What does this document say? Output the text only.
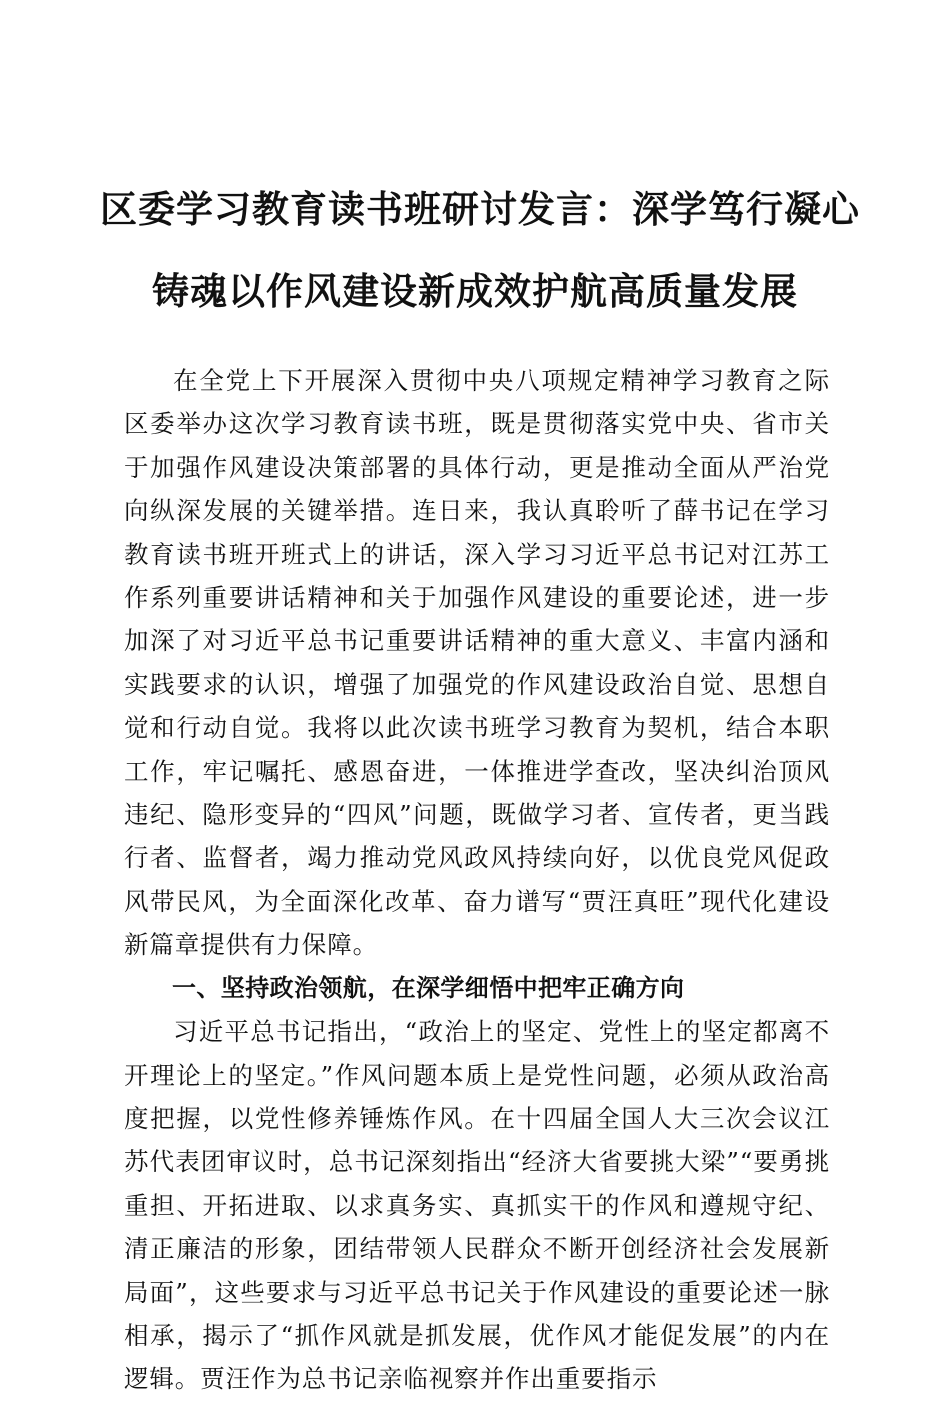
区委学习教育读书班研讨发言：深学笃行凝心
铸魂以作风建设新成效护航高质量发展

在全党上下开展深入贯彻中央八项规定精神学习教育之际区委举办这次学习教育读书班，既是贯彻落实党中央、省市关于加强作风建设决策部署的具体行动，更是推动全面从严治党向纵深发展的关键举措。连日来，我认真聆听了薛书记在学习教育读书班开班式上的讲话，深入学习习近平总书记对江苏工作系列重要讲话精神和关于加强作风建设的重要论述，进一步加深了对习近平总书记重要讲话精神的重大意义、丰富内涵和实践要求的认识，增强了加强党的作风建设政治自觉、思想自觉和行动自觉。我将以此次读书班学习教育为契机，结合本职工作，牢记嘱托、感恩奋进，一体推进学查改，坚决纠治顶风违纪、隐形变异的“四风”问题，既做学习者、宣传者，更当践行者、监督者，竭力推动党风政风持续向好，以优良党风促政风带民风，为全面深化改革、奋力谱写“贾汪真旺”现代化建设新篇章提供有力保障。

一、坚持政治领航，在深学细悟中把牢正确方向

习近平总书记指出，“政治上的坚定、党性上的坚定都离不开理论上的坚定。”作风问题本质上是党性问题，必须从政治高度把握，以党性修养锤炼作风。在十四届全国人大三次会议江苏代表团审议时，总书记深刻指出“经济大省要挑大梁”“要勇挑重担、开拓进取、以求真务实、真抓实干的作风和遵规守纪、清正廉洁的形象，团结带领人民群众不断开创经济社会发展新局面”，这些要求与习近平总书记关于作风建设的重要论述一脉相承，揭示了“抓作风就是抓发展，优作风才能促发展”的内在逻辑。贾汪作为总书记亲临视察并作出重要指示
